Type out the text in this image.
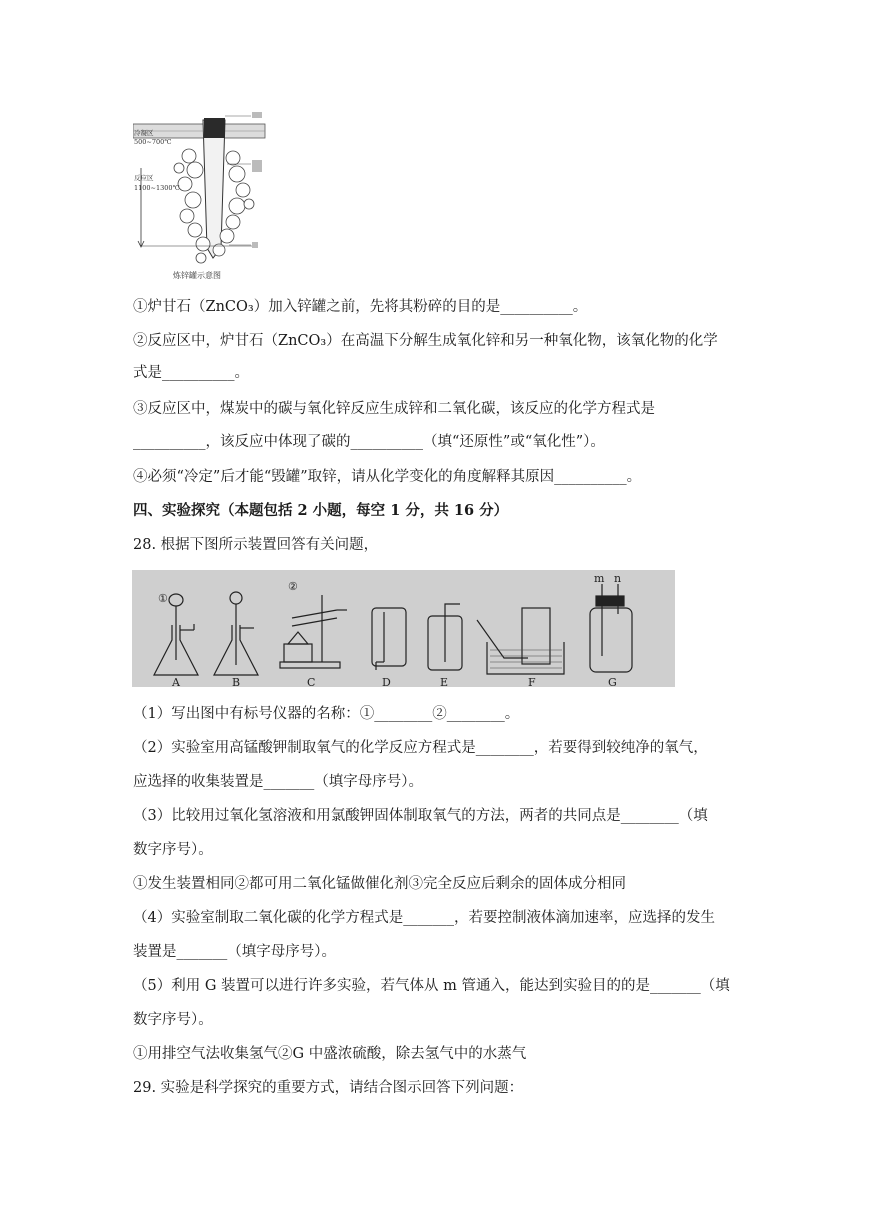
冷凝区
500~700℃
反应区
1100~1300℃
炼锌罐示意图
①炉甘石（ZnCO₃）加入锌罐之前，先将其粉碎的目的是__________。
②反应区中，炉甘石（ZnCO₃）在高温下分解生成氧化锌和另一种氧化物，该氧化物的化学
式是__________。
③反应区中，煤炭中的碳与氧化锌反应生成锌和二氧化碳，该反应的化学方程式是
__________，该反应中体现了碳的__________（填“还原性”或“氧化性”）。
④必须“冷定”后才能“毁罐”取锌，请从化学变化的角度解释其原因__________。
四、实验探究（本题包括 2 小题，每空 1 分，共 16 分）
28. 根据下图所示装置回答有关问题，
①
②
m n
A	B	C	D	E	F	G
（1）写出图中有标号仪器的名称：①________②________。
（2）实验室用高锰酸钾制取氧气的化学反应方程式是________，若要得到较纯净的氧气，
应选择的收集装置是_______（填字母序号）。
（3）比较用过氧化氢溶液和用氯酸钾固体制取氧气的方法，两者的共同点是________（填
数字序号）。
①发生装置相同②都可用二氧化锰做催化剂③完全反应后剩余的固体成分相同
（4）实验室制取二氧化碳的化学方程式是_______，若要控制液体滴加速率，应选择的发生
装置是_______（填字母序号）。
（5）利用 G 装置可以进行许多实验，若气体从 m 管通入，能达到实验目的的是_______（填
数字序号）。
①用排空气法收集氢气②G 中盛浓硫酸，除去氢气中的水蒸气
29. 实验是科学探究的重要方式，请结合图示回答下列问题：
